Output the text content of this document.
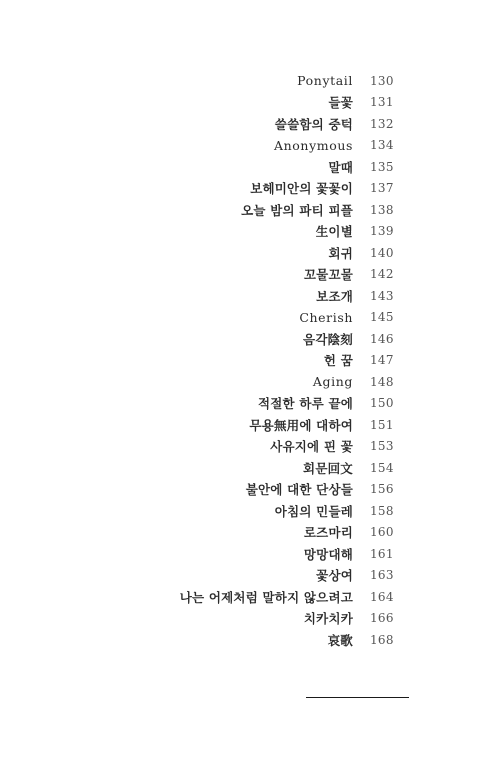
Ponytail 130
들꽃 131
쓸쓸함의 중턱 132
Anonymous 134
말때 135
보헤미안의 꽃꽃이 137
오늘 밤의 파티 피플 138
生이별 139
회귀 140
꼬물꼬물 142
보조개 143
Cherish 145
음각陰刻 146
헌 꿈 147
Aging 148
적절한 하루 끝에 150
무용無用에 대하여 151
사유지에 핀 꽃 153
회문回文 154
불안에 대한 단상들 156
아침의 민들레 158
로즈마리 160
망망대해 161
꽃상여 163
나는 어제처럼 말하지 않으려고 164
치카치카 166
哀歌 168
